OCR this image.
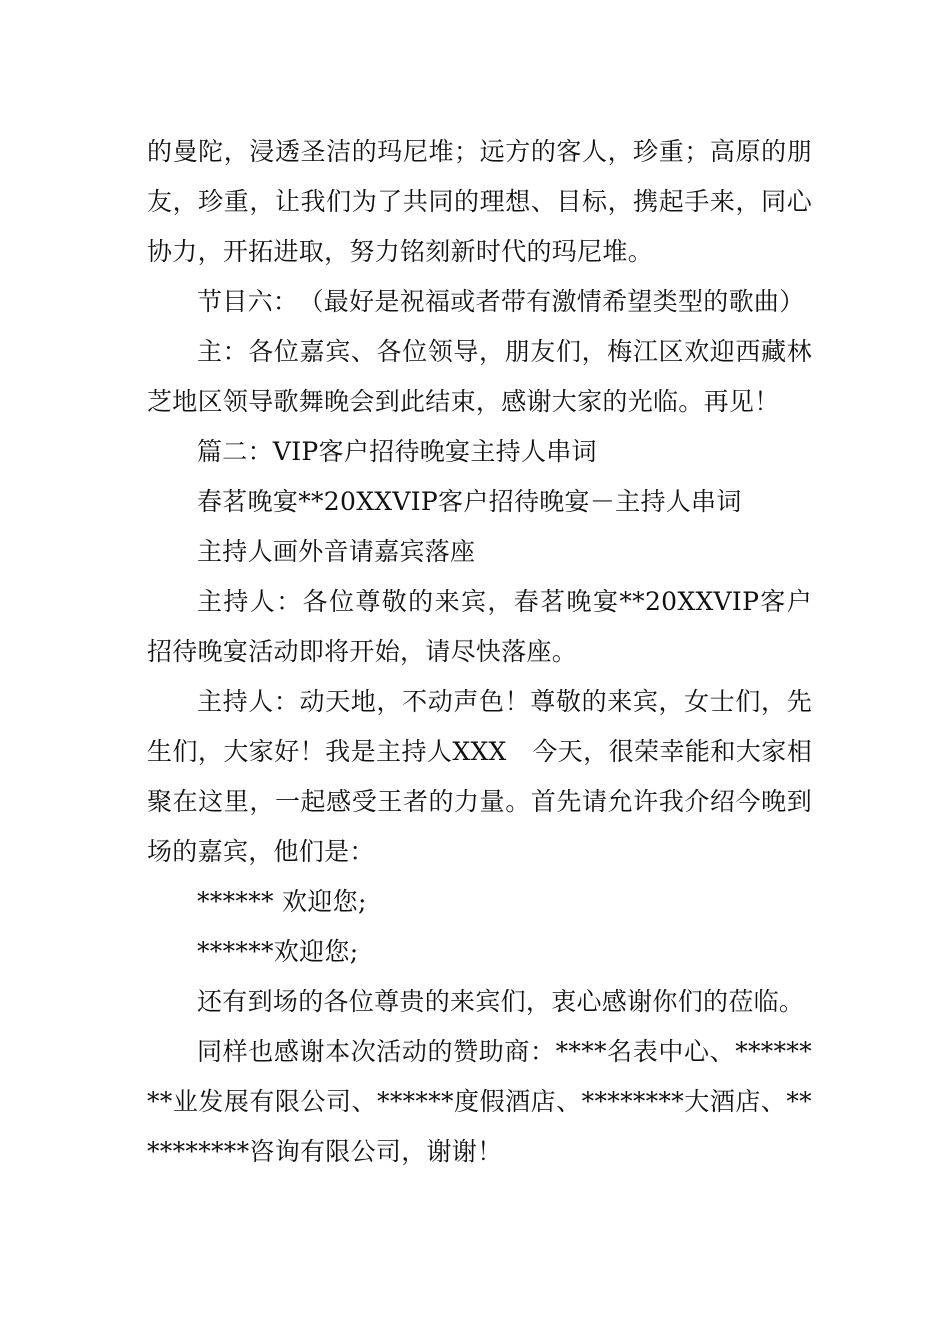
的曼陀，浸透圣洁的玛尼堆；远方的客人，珍重；高原的朋友，珍重，让我们为了共同的理想、目标，携起手来，同心协力，开拓进取，努力铭刻新时代的玛尼堆。

节目六：　（最好是祝福或者带有激情希望类型的歌曲）

主：各位嘉宾、各位领导，朋友们，梅江区欢迎西藏林芝地区领导歌舞晚会到此结束，感谢大家的光临。再见！

篇二：VIP客户招待晚宴主持人串词

春茗晚宴**20XXVIP客户招待晚宴－主持人串词

主持人画外音请嘉宾落座

主持人：各位尊敬的来宾，春茗晚宴**20XXVIP客户招待晚宴活动即将开始，请尽快落座。

主持人：动天地，不动声色！尊敬的来宾，女士们，先生们，大家好！我是主持人XXX　今天，很荣幸能和大家相聚在这里，一起感受王者的力量。首先请允许我介绍今晚到场的嘉宾，他们是：

****** 欢迎您;

******欢迎您;

还有到场的各位尊贵的来宾们，衷心感谢你们的莅临。

同样也感谢本次活动的赞助商：****名表中心、********业发展有限公司、******度假酒店、********大酒店、**********咨询有限公司，谢谢！
